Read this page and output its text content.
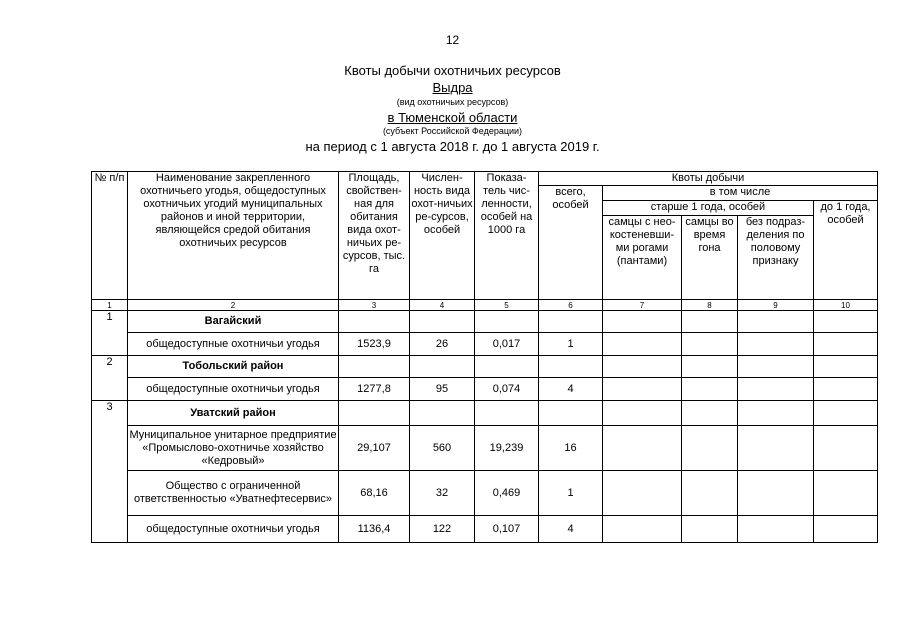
12
Квоты добычи охотничьих ресурсов
Выдра
(вид охотничьих ресурсов)
в Тюменской области
(субъект Российской Федерации)
на период с 1 августа 2018 г. до 1 августа 2019 г.
№ п/п	Наименование закрепленного охотничьего угодья, общедоступных охотничьих угодий муниципальных районов и иной территории, являющейся средой обитания охотничьих ресурсов	Площадь, свойствен-ная для обитания вида охот-ничьих ре-сурсов, тыс. га	Числен-ность вида охот-ничьих ре-сурсов, особей	Показа-тель чис-ленности, особей на 1000 га	Квоты добычи				
					всего, особей	в том числе			
						старше 1 года, особей			до 1 года, особей
						самцы с нео-костеневши-ми рогами (пантами)	самцы во время гона	без подраз-деления по половому признаку	
1	2	3	4	5	6	7	8	9	10
1	Вагайский								
	общедоступные охотничьи угодья	1523,9	26	0,017	1				
2	Тобольский район								
	общедоступные охотничьи угодья	1277,8	95	0,074	4				
3	Уватский район								
	Муниципальное унитарное предприятие «Промыслово-охотничье хозяйство «Кедровый»	29,107	560	19,239	16				
	Общество с ограниченной ответственностью «Уватнефтесервис»	68,16	32	0,469	1				
	общедоступные охотничьи угодья	1136,4	122	0,107	4				
